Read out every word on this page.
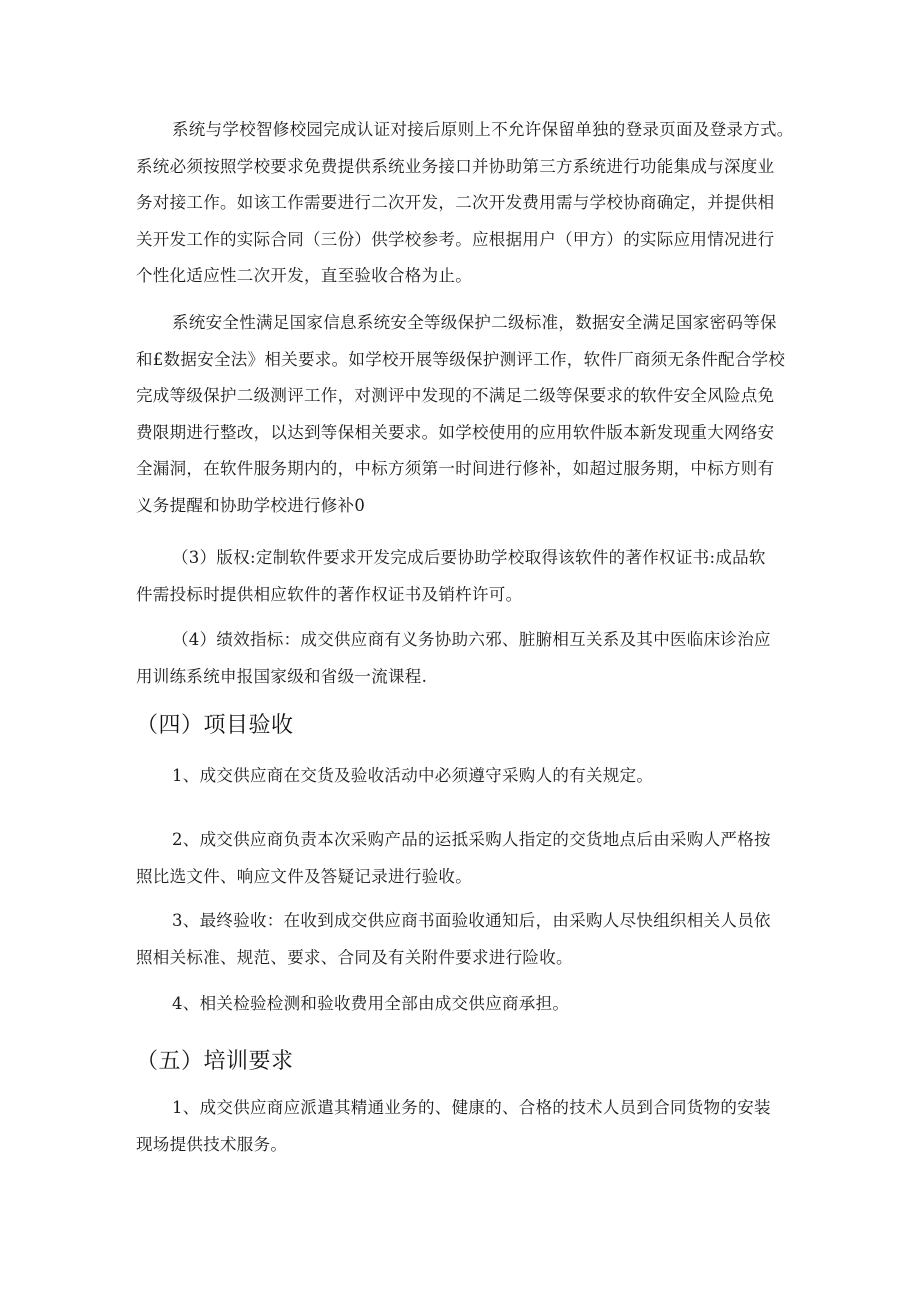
系统与学校智修校园完成认证对接后原则上不允许保留单独的登录页面及登录方式。
系统必须按照学校要求免费提供系统业务接口并协助第三方系统进行功能集成与深度业
务对接工作。如该工作需要进行二次开发，二次开发费用需与学校协商确定，并提供相
关开发工作的实际合同（三份）供学校参考。应根据用户（甲方）的实际应用情况进行
个性化适应性二次开发，直至验收合格为止。
系统安全性满足国家信息系统安全等级保护二级标准，数据安全满足国家密码等保
和£数据安全法》相关要求。如学校开展等级保护测评工作，软件厂商须无条件配合学校
完成等级保护二级测评工作，对测评中发现的不满足二级等保要求的软件安全风险点免
费限期进行整改，以达到等保相关要求。如学校使用的应用软件版本新发现重大网络安
全漏洞，在软件服务期内的，中标方须第一时间进行修补，如超过服务期，中标方则有
义务提醒和协助学校进行修补0
（3）版权:定制软件要求开发完成后要协助学校取得该软件的著作权证书:成品软
件需投标时提供相应软件的著作权证书及销杵许可。
（4）绩效指标：成交供应商有义务协助六邪、脏腑相互关系及其中医临床诊治应
用训练系统申报国家级和省级一流课程.
（四）项目验收
1、成交供应商在交货及验收活动中必须遵守采购人的有关规定。
2、成交供应商负责本次采购产品的运抵采购人指定的交货地点后由采购人严格按
照比选文件、响应文件及答疑记录进行验收。
3、最终验收：在收到成交供应商书面验收通知后，由采购人尽快组织相关人员依
照相关标准、规范、要求、合同及有关附件要求进行险收。
4、相关检验检测和验收费用全部由成交供应商承担。
（五）培训要求
1、成交供应商应派遣其精通业务的、健康的、合格的技术人员到合同货物的安装
现场提供技术服务。
